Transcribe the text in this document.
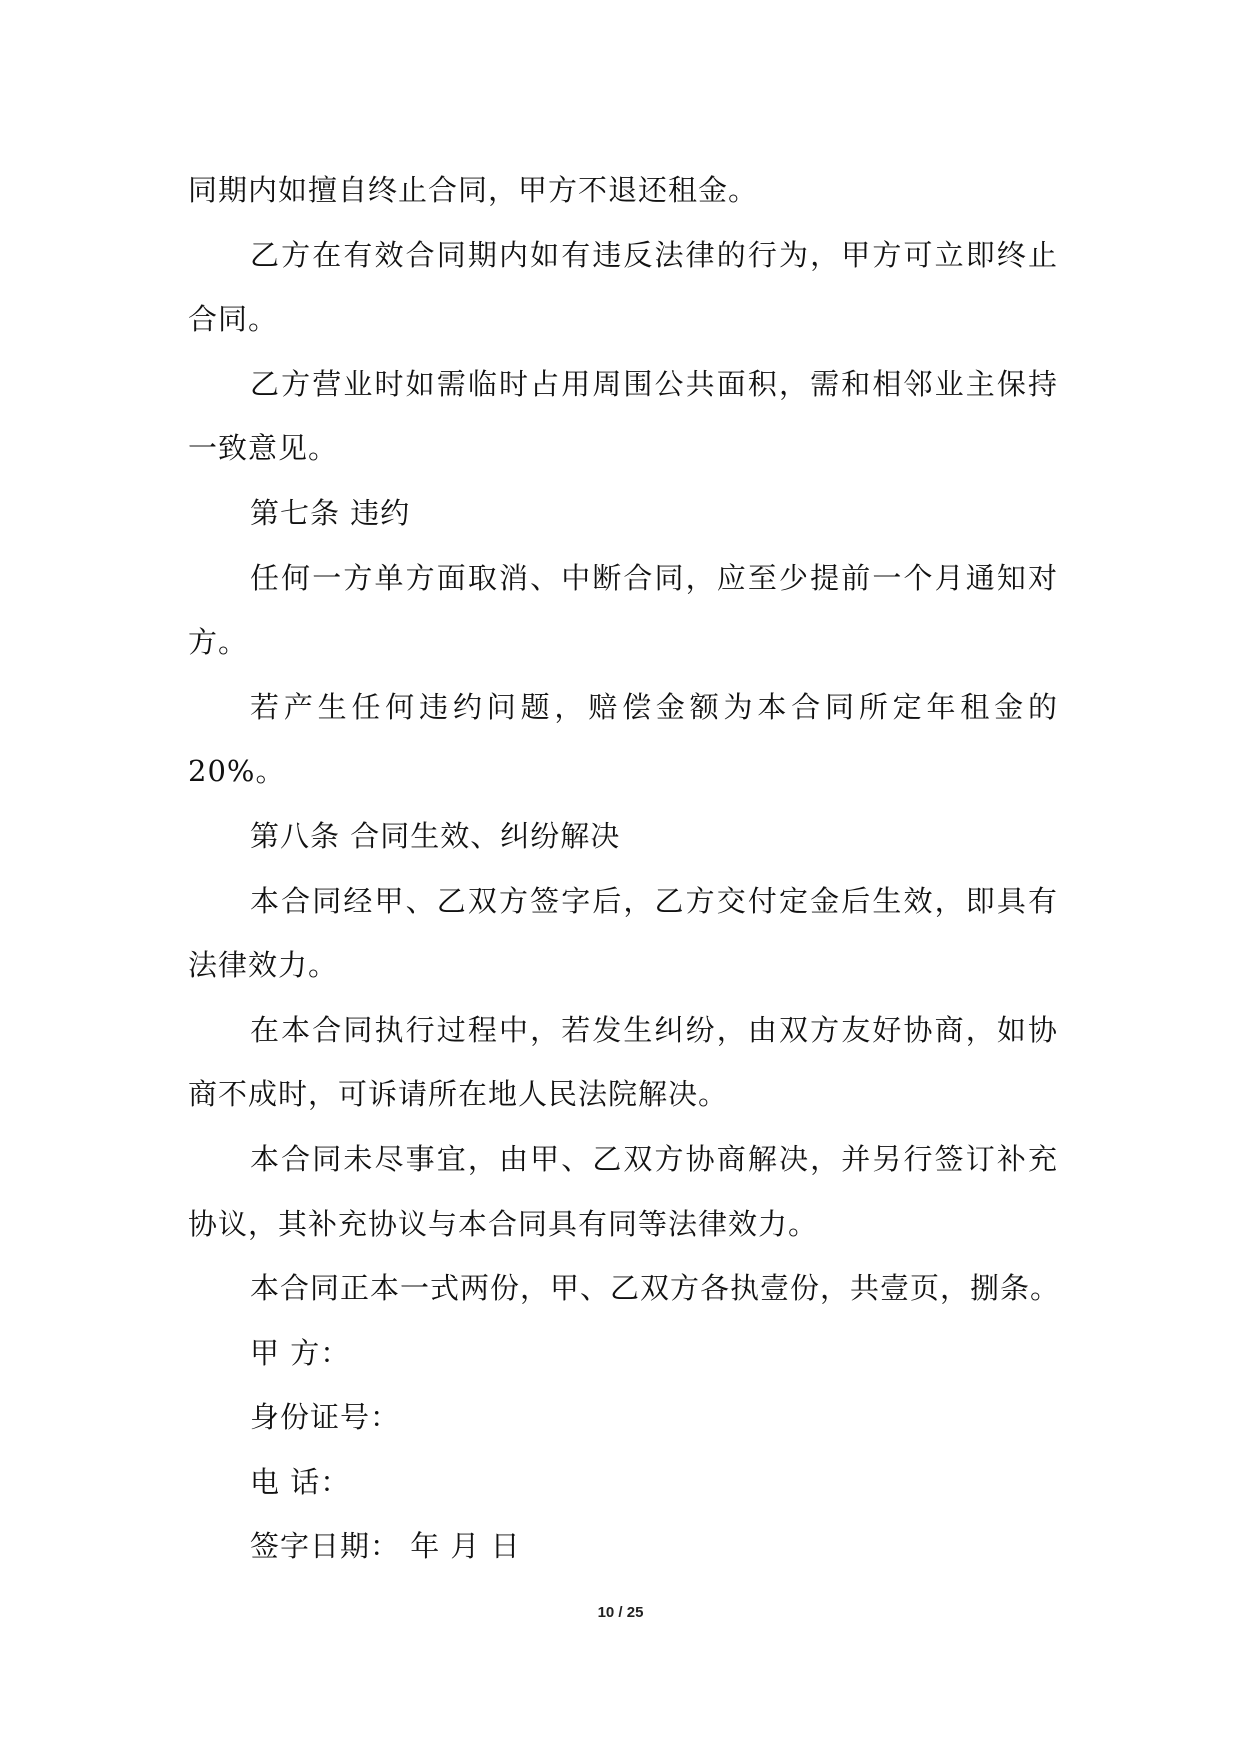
同期内如擅自终止合同，甲方不退还租金。
乙方在有效合同期内如有违反法律的行为，甲方可立即终止
合同。
乙方营业时如需临时占用周围公共面积，需和相邻业主保持
一致意见。
第七条 违约
任何一方单方面取消、中断合同，应至少提前一个月通知对
方。
若产生任何违约问题，赔偿金额为本合同所定年租金的
20%。
第八条 合同生效、纠纷解决
本合同经甲、乙双方签字后，乙方交付定金后生效，即具有
法律效力。
在本合同执行过程中，若发生纠纷，由双方友好协商，如协
商不成时，可诉请所在地人民法院解决。
本合同未尽事宜，由甲、乙双方协商解决，并另行签订补充
协议，其补充协议与本合同具有同等法律效力。
本合同正本一式两份，甲、乙双方各执壹份，共壹页，捌条。
甲 方：
身份证号：
电 话：
签字日期： 年 月 日
10 / 25
